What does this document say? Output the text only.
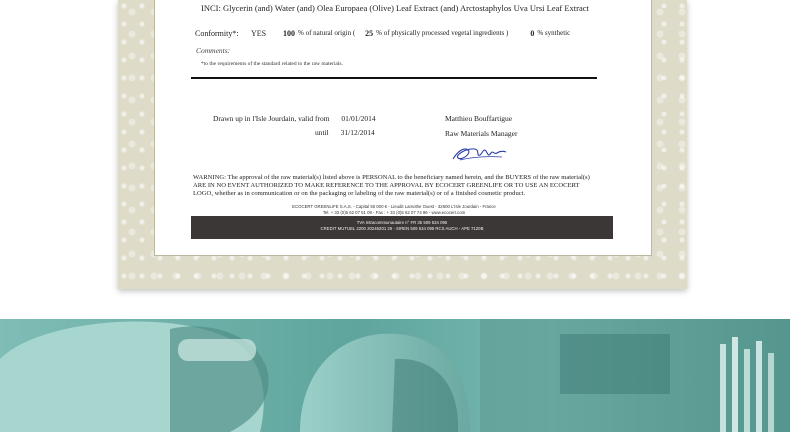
INCI: Glycerin (and) Water (and) Olea Europaea (Olive) Leaf Extract (and) Arctostaphylos Uva Ursi Leaf Extract
Conformity*:	YES	100 % of natural origin ( 25 % of physically processed vegetal ingredients )	0 % synthetic
Comments:
*to the requirements of the standard related to the raw materials.
Drawn up in l'Isle Jourdain, valid from 01/01/2014
until 31/12/2014
Matthieu Bouffartigue
Raw Materials Manager
WARNING: The approval of the raw material(s) listed above is PERSONAL to the beneficiary named herein, and the BUYERS of the raw material(s) ARE IN NO EVENT AUTHORIZED TO MAKE REFERENCE TO THE APPROVAL BY ECOCERT GREENLIFE OR TO USE AN ECOCERT LOGO, whether as in communication or on the packaging or labeling of the raw material(s) or of a finished cosmetic product.
ECOCERT GREENLIFE S.A.S. - Capital 50 000 € - Lieudit Lamothe Ouest - 32600 L'Isle Jourdain - France
Tel. + 33 (0)5 62 07 51 09 - Fax : + 33 (0)5 62 07 74 96 - www.ecocert.com
TVA Intracommunautaire n° FR 35 509 534 095
CREDIT MUTUEL 2200 20246201 29 - SIREN 509 534 095 RCS AUCH - APE 7120B
